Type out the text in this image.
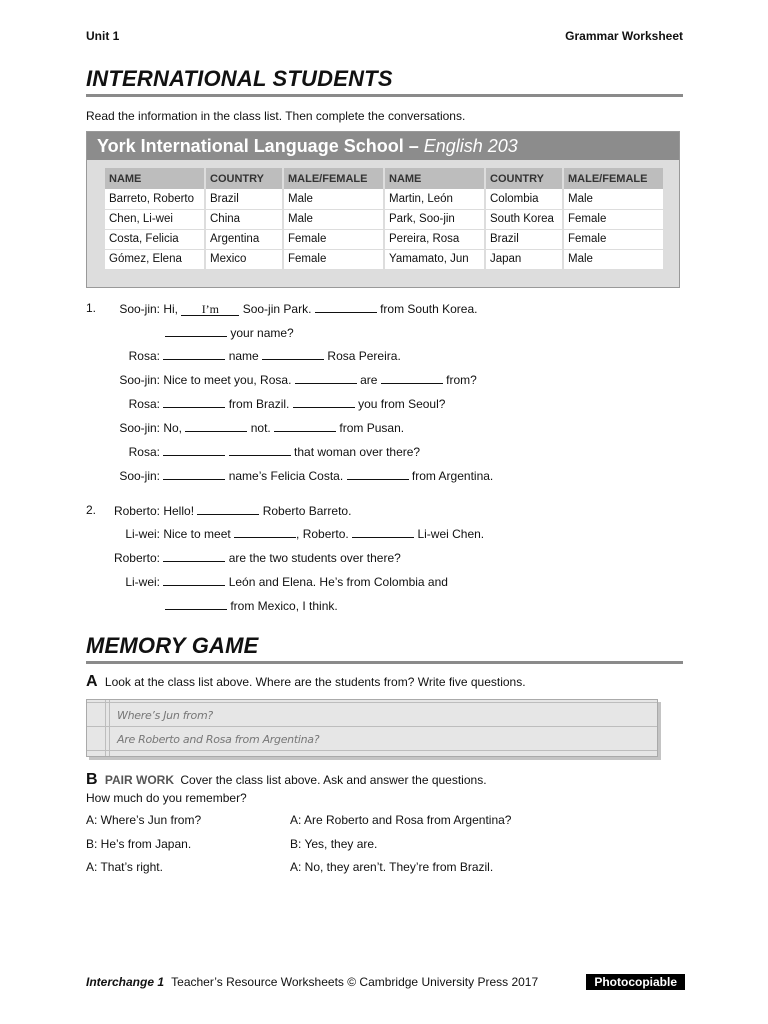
Unit 1	Grammar Worksheet
INTERNATIONAL STUDENTS
Read the information in the class list. Then complete the conversations.
York International Language School – English 203
NAME	COUNTRY	MALE/FEMALE	NAME	COUNTRY	MALE/FEMALE
Barreto, Roberto	Brazil	Male	Martin, León	Colombia	Male
Chen, Li-wei	China	Male	Park, Soo-jin	South Korea	Female
Costa, Felicia	Argentina	Female	Pereira, Rosa	Brazil	Female
Gómez, Elena	Mexico	Female	Yamamato, Jun	Japan	Male
1.	Soo-jin: Hi, I’m Soo-jin Park.	from South Korea.
your name?
Rosa:	name	Rosa Pereira.
Soo-jin: Nice to meet you, Rosa.	are	from?
Rosa:	from Brazil.	you from Seoul?
Soo-jin: No,	not.	from Pusan.
Rosa:	that woman over there?
Soo-jin:	name’s Felicia Costa.	from Argentina.
2.	Roberto: Hello!	Roberto Barreto.
Li-wei: Nice to meet	, Roberto.	Li-wei Chen.
Roberto:	are the two students over there?
Li-wei:	León and Elena. He’s from Colombia and
from Mexico, I think.
MEMORY GAME
A Look at the class list above. Where are the students from? Write five questions.
Where’s Jun from?
Are Roberto and Rosa from Argentina?
B PAIR WORK Cover the class list above. Ask and answer the questions.
How much do you remember?
A: Where’s Jun from?
B: He’s from Japan.
A: That’s right.
A: Are Roberto and Rosa from Argentina?
B: Yes, they are.
A: No, they aren’t. They’re from Brazil.
Interchange 1 Teacher’s Resource Worksheets © Cambridge University Press 2017	Photocopiable
